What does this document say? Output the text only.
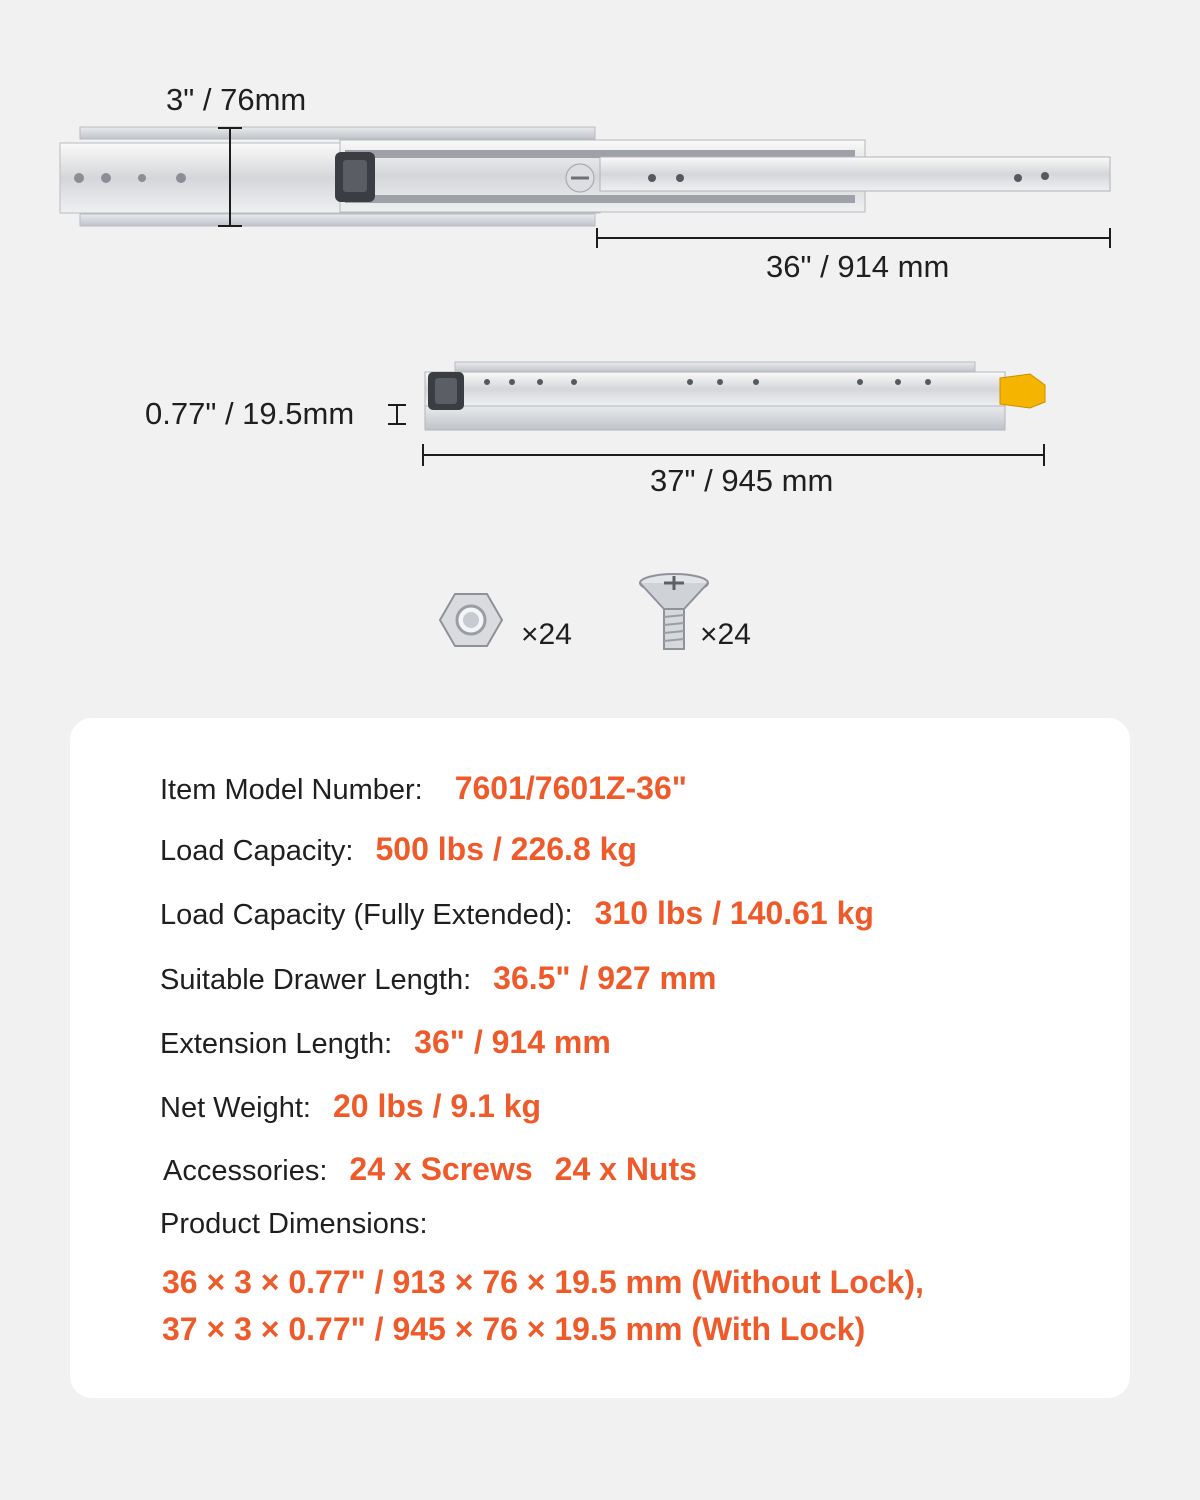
3" / 76mm
36" / 914 mm
0.77" / 19.5mm
37" / 945 mm
×24	×24
Item Model Number: 7601/7601Z-36"
Load Capacity: 500 lbs / 226.8 kg
Load Capacity (Fully Extended): 310 lbs / 140.61 kg
Suitable Drawer Length: 36.5" / 927 mm
Extension Length: 36" / 914 mm
Net Weight: 20 lbs / 9.1 kg
Accessories: 24 x Screws 24 x Nuts
Product Dimensions:
36 × 3 × 0.77" / 913 × 76 × 19.5 mm (Without Lock),
37 × 3 × 0.77" / 945 × 76 × 19.5 mm (With Lock)
